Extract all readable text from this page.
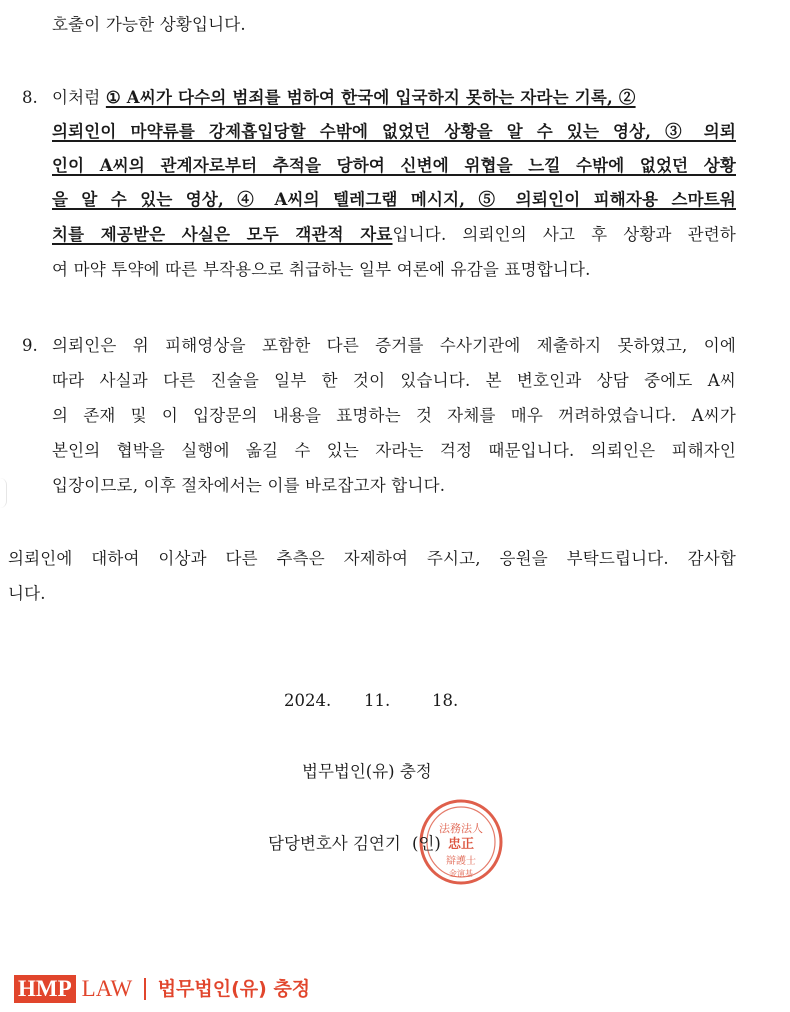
호출이 가능한 상황입니다.
8. 이처럼 ① A씨가 다수의 범죄를 범하여 한국에 입국하지 못하는 자라는 기록, ②
의뢰인이 마약류를 강제흡입당할 수밖에 없었던 상황을 알 수 있는 영상, ③ 의뢰
인이 A씨의 관계자로부터 추적을 당하여 신변에 위협을 느낄 수밖에 없었던 상황
을 알 수 있는 영상, ④ A씨의 텔레그램 메시지, ⑤ 의뢰인이 피해자용 스마트워
치를 제공받은 사실은 모두 객관적 자료입니다. 의뢰인의 사고 후 상황과 관련하
여 마약 투약에 따른 부작용으로 취급하는 일부 여론에 유감을 표명합니다.
9. 의뢰인은 위 피해영상을 포함한 다른 증거를 수사기관에 제출하지 못하였고, 이에
따라 사실과 다른 진술을 일부 한 것이 있습니다. 본 변호인과 상담 중에도 A씨
의 존재 및 이 입장문의 내용을 표명하는 것 자체를 매우 꺼려하였습니다. A씨가
본인의 협박을 실행에 옮길 수 있는 자라는 걱정 때문입니다. 의뢰인은 피해자인
입장이므로, 이후 절차에서는 이를 바로잡고자 합니다.
의뢰인에 대하여 이상과 다른 추측은 자제하여 주시고, 응원을 부탁드립니다. 감사합
니다.
2024. 11.	18.
법무법인(유) 충정
法務法人
忠正
辯護士
金演基
담당변호사 김연기 (인)
HMP LAW 법무법인(유) 충정
